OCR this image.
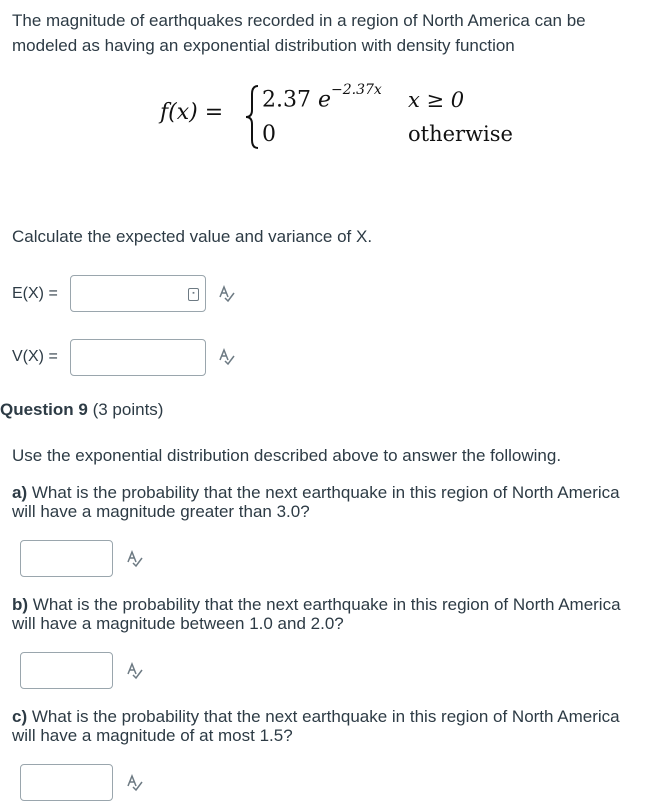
The magnitude of earthquakes recorded in a region of North America can be
modeled as having an exponential distribution with density function
f(x) =
2.37 $e^{-2.37x}$ x ≥ 0
0	otherwise
Calculate the expected value and variance of X.
E(X) =	▪
V(X) =
Question 9 (3 points)
Use the exponential distribution described above to answer the following.
a) What is the probability that the next earthquake in this region of North America
will have a magnitude greater than 3.0?
b) What is the probability that the next earthquake in this region of North America
will have a magnitude between 1.0 and 2.0?
c) What is the probability that the next earthquake in this region of North America
will have a magnitude of at most 1.5?
